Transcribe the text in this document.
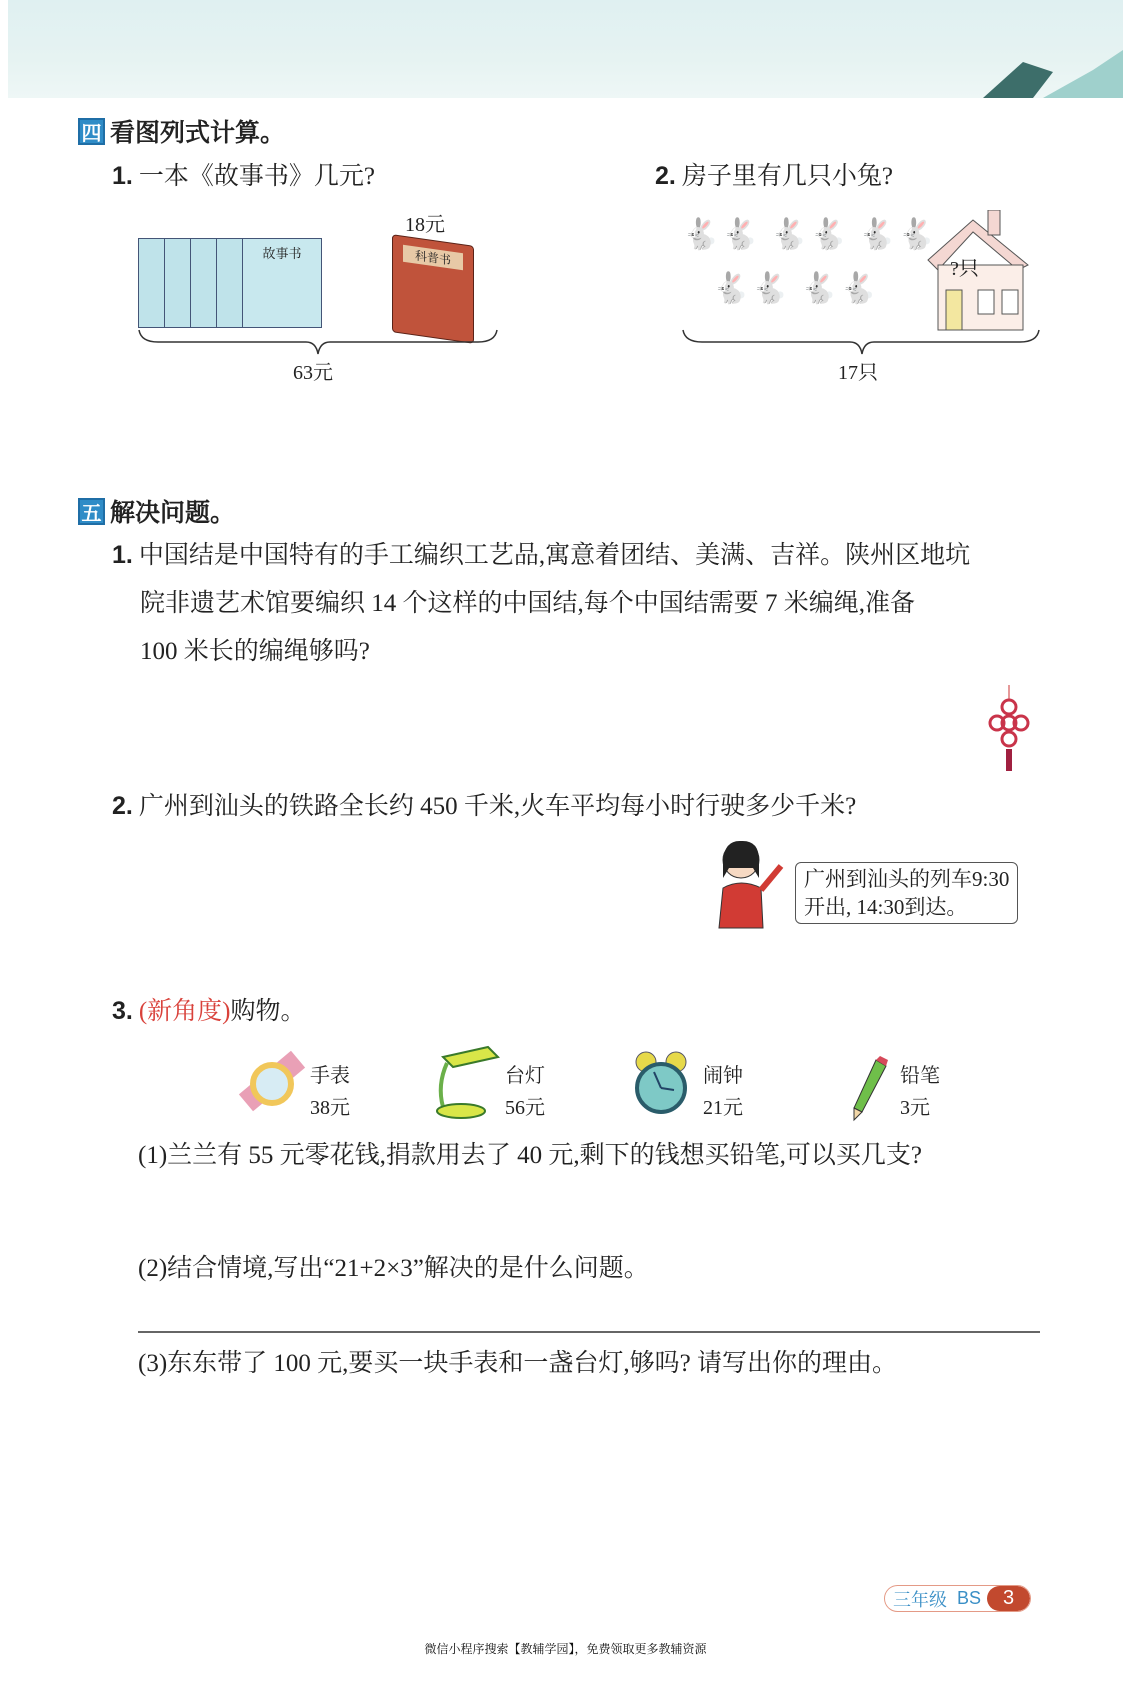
四 看图列式计算。
1. 一本《故事书》几元?	2. 房子里有几只小兔?
故事书
18元
科普书
63元
🐇🐇 🐇🐇 🐇🐇
🐇🐇 🐇🐇
?只
17只
五 解决问题。
1. 中国结是中国特有的手工编织工艺品,寓意着团结、美满、吉祥。陕州区地坑
院非遗艺术馆要编织 14 个这样的中国结,每个中国结需要 7 米编绳,准备
100 米长的编绳够吗?
2. 广州到汕头的铁路全长约 450 千米,火车平均每小时行驶多少千米?
广州到汕头的列车9:30
开出, 14:30到达。
3. (新角度)购物。
手表
38元
台灯
56元
闹钟
21元
铅笔
3元
(1)兰兰有 55 元零花钱,捐款用去了 40 元,剩下的钱想买铅笔,可以买几支?
(2)结合情境,写出“21+2×3”解决的是什么问题。
(3)东东带了 100 元,要买一块手表和一盏台灯,够吗? 请写出你的理由。
三年级 BS	3
微信小程序搜索【教辅学园】，免费领取更多教辅资源
